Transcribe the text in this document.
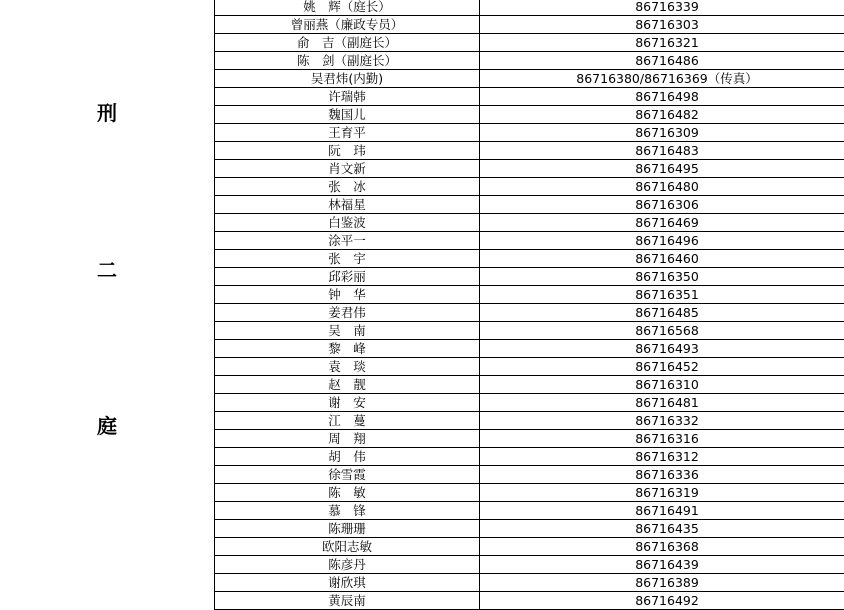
刑
二
庭
姚　辉（庭长）	86716339
曾丽燕（廉政专员）	86716303
俞　吉（副庭长）	86716321
陈　剑（副庭长）	86716486
吴君炜(内勤)	86716380/86716369（传真）
许瑞韩	86716498
魏国儿	86716482
王育平	86716309
阮　玮	86716483
肖文新	86716495
张　冰	86716480
林福星	86716306
白鉴波	86716469
涂平一	86716496
张　宇	86716460
邱彩丽	86716350
钟　华	86716351
姜君伟	86716485
吴　南	86716568
黎　峰	86716493
袁　琰	86716452
赵　靓	86716310
谢　安	86716481
江　蔓	86716332
周　翔	86716316
胡　伟	86716312
徐雪霞	86716336
陈　敏	86716319
慕　锋	86716491
陈珊珊	86716435
欧阳志敏	86716368
陈彦丹	86716439
谢欣琪	86716389
黄辰南	86716492
